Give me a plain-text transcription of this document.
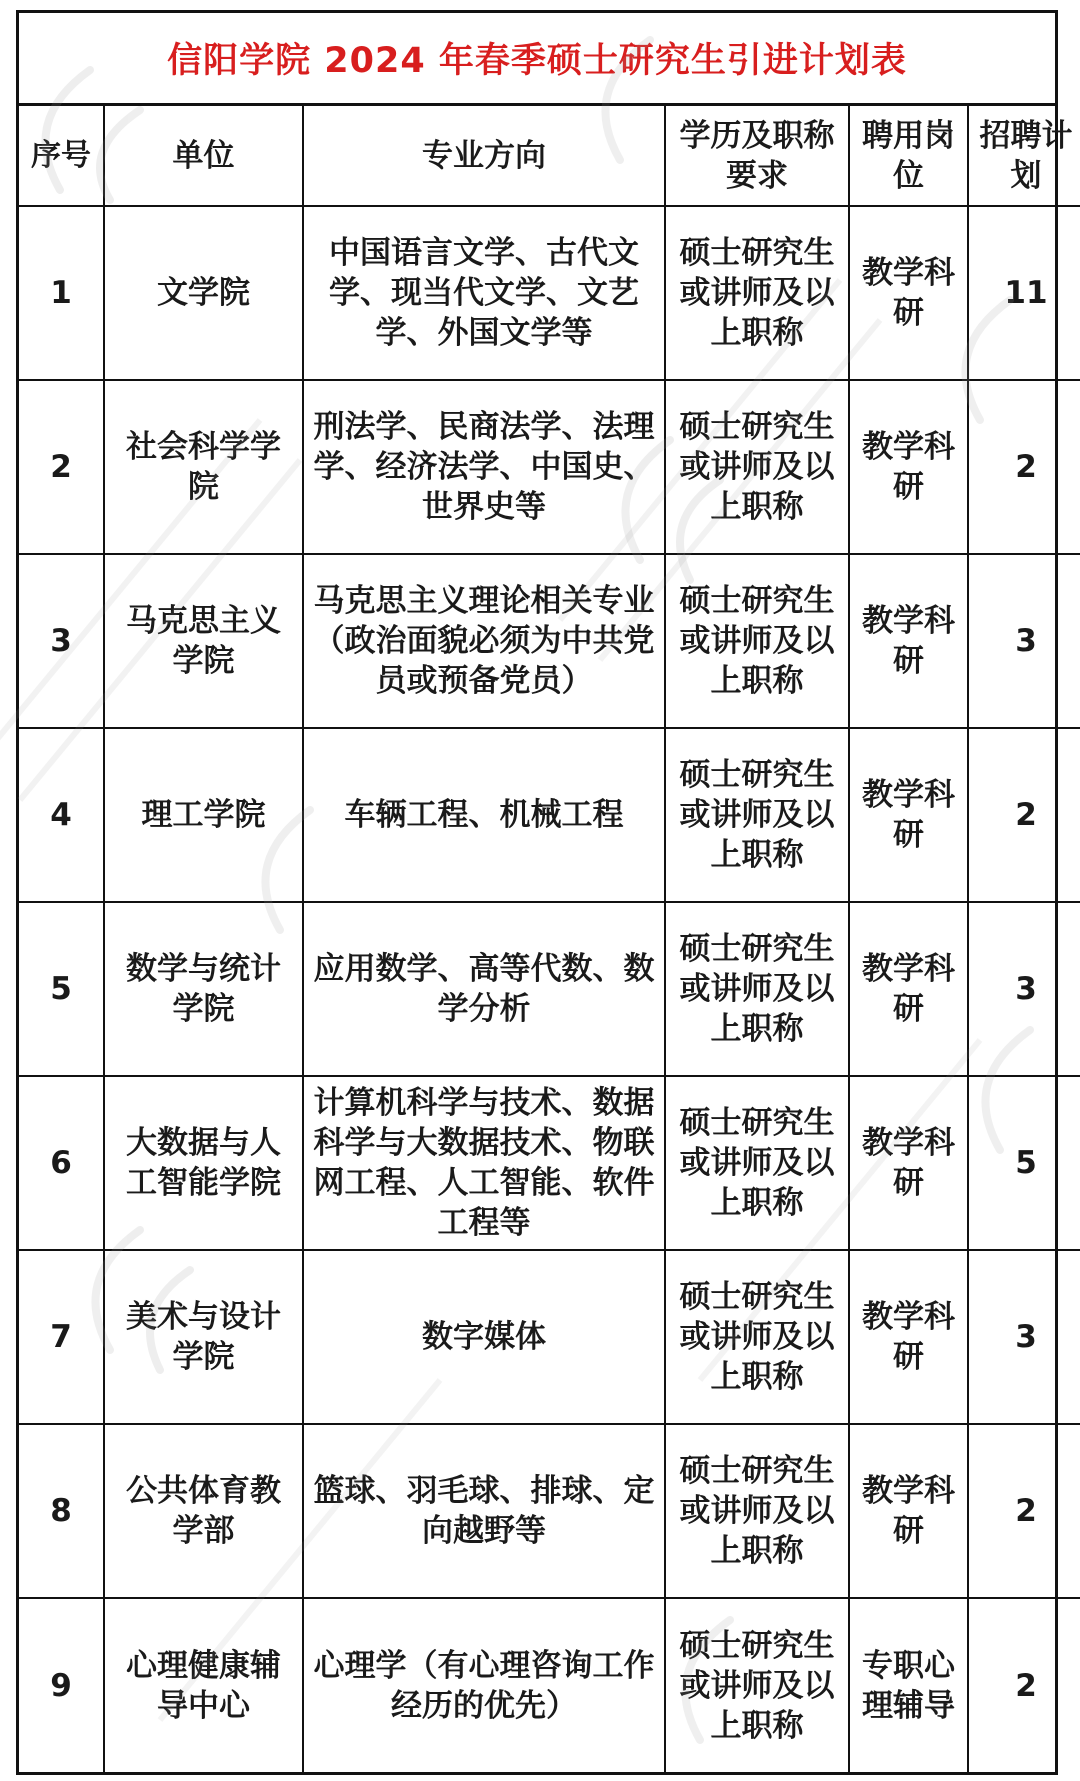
信阳学院 2024 年春季硕士研究生引进计划表
序号	单位	专业方向	学历及职称要求	聘用岗位	招聘计划
1	文学院	中国语言文学、古代文学、现当代文学、文艺学、外国文学等	硕士研究生或讲师及以上职称	教学科研	11
2	社会科学学院	刑法学、民商法学、法理学、经济法学、中国史、世界史等	硕士研究生或讲师及以上职称	教学科研	2
3	马克思主义学院	马克思主义理论相关专业（政治面貌必须为中共党员或预备党员）	硕士研究生或讲师及以上职称	教学科研	3
4	理工学院	车辆工程、机械工程	硕士研究生或讲师及以上职称	教学科研	2
5	数学与统计学院	应用数学、高等代数、数学分析	硕士研究生或讲师及以上职称	教学科研	3
6	大数据与人工智能学院	计算机科学与技术、数据科学与大数据技术、物联网工程、人工智能、软件工程等	硕士研究生或讲师及以上职称	教学科研	5
7	美术与设计学院	数字媒体	硕士研究生或讲师及以上职称	教学科研	3
8	公共体育教学部	篮球、羽毛球、排球、定向越野等	硕士研究生或讲师及以上职称	教学科研	2
9	心理健康辅导中心	心理学（有心理咨询工作经历的优先）	硕士研究生或讲师及以上职称	专职心理辅导	2
